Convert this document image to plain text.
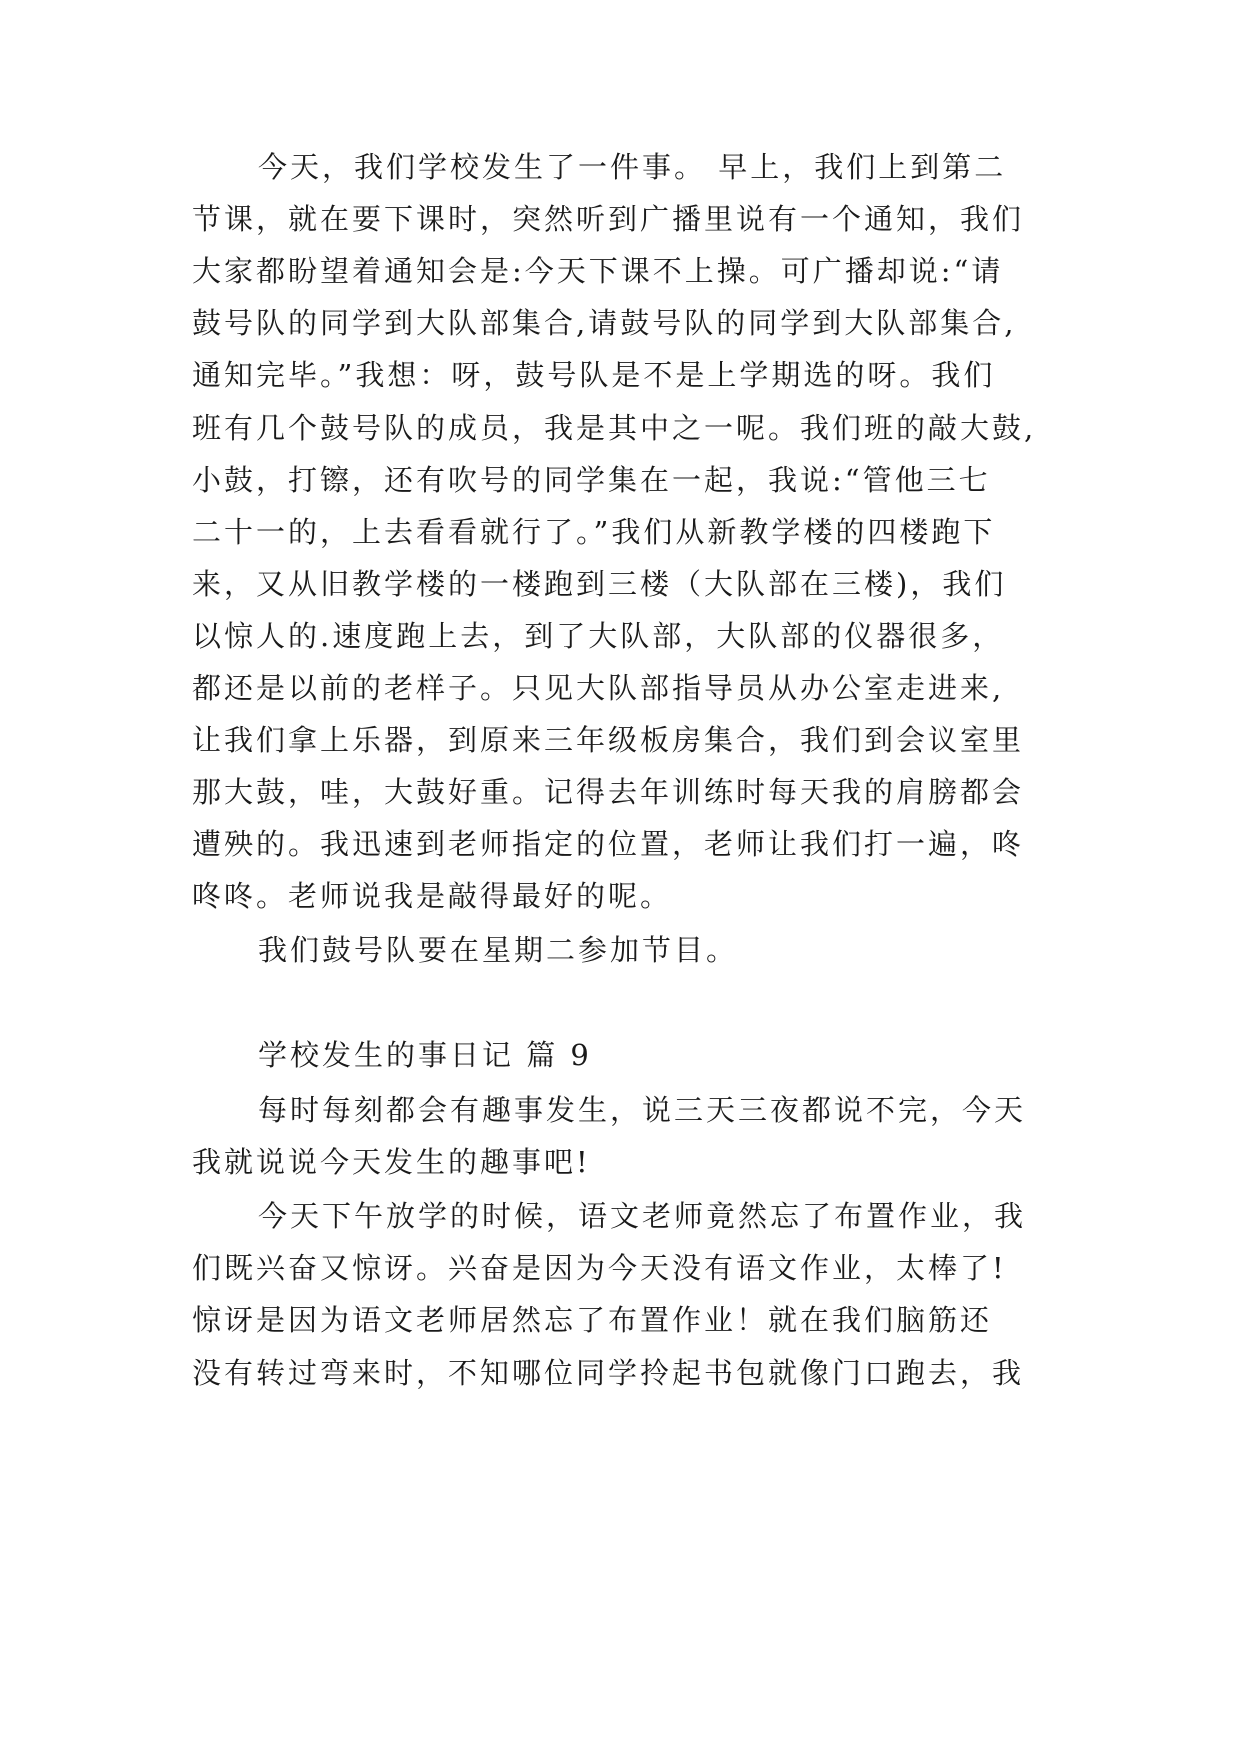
今天，我们学校发生了一件事。 早上，我们上到第二
节课，就在要下课时，突然听到广播里说有一个通知，我们
大家都盼望着通知会是:今天下课不上操。可广播却说:“请
鼓号队的同学到大队部集合,请鼓号队的同学到大队部集合,
通知完毕。”我想：呀，鼓号队是不是上学期选的呀。我们
班有几个鼓号队的成员，我是其中之一呢。我们班的敲大鼓,
小鼓，打镲，还有吹号的同学集在一起，我说:“管他三七
二十一的，上去看看就行了。”我们从新教学楼的四楼跑下
来，又从旧教学楼的一楼跑到三楼（大队部在三楼)，我们
以惊人的.速度跑上去，到了大队部，大队部的仪器很多，
都还是以前的老样子。只见大队部指导员从办公室走进来,
让我们拿上乐器，到原来三年级板房集合，我们到会议室里
那大鼓，哇，大鼓好重。记得去年训练时每天我的肩膀都会
遭殃的。我迅速到老师指定的位置，老师让我们打一遍，咚
咚咚。老师说我是敲得最好的呢。
我们鼓号队要在星期二参加节目。
学校发生的事日记 篇 9
每时每刻都会有趣事发生，说三天三夜都说不完，今天
我就说说今天发生的趣事吧!
今天下午放学的时候，语文老师竟然忘了布置作业，我
们既兴奋又惊讶。兴奋是因为今天没有语文作业，太棒了!
惊讶是因为语文老师居然忘了布置作业！就在我们脑筋还
没有转过弯来时，不知哪位同学拎起书包就像门口跑去，我
